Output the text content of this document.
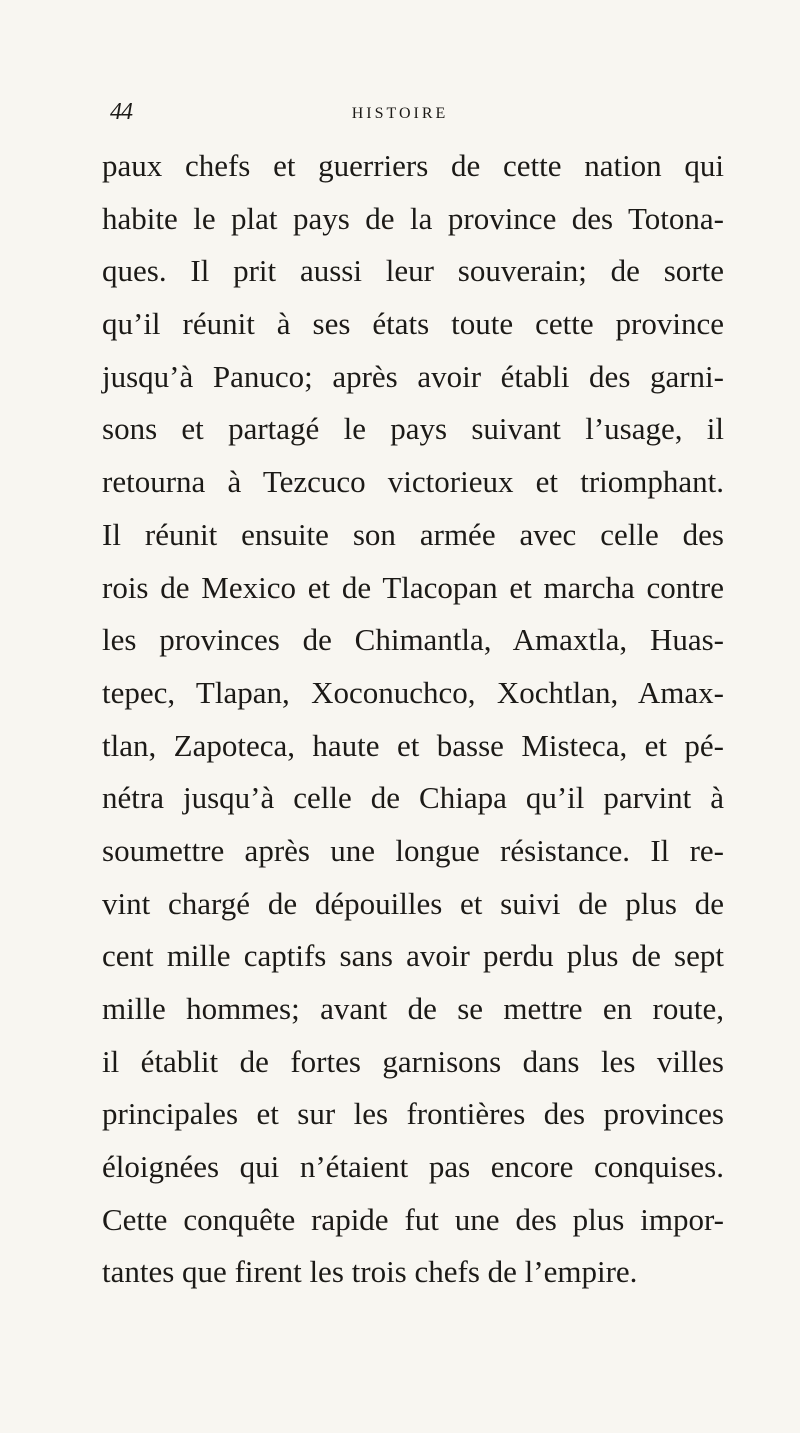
44	HISTOIRE
paux chefs et guerriers de cette nation qui
habite le plat pays de la province des Totona-
ques. Il prit aussi leur souverain; de sorte
qu’il réunit à ses états toute cette province
jusqu’à Panuco; après avoir établi des garni-
sons et partagé le pays suivant l’usage, il
retourna à Tezcuco victorieux et triomphant.
Il réunit ensuite son armée avec celle des
rois de Mexico et de Tlacopan et marcha contre
les provinces de Chimantla, Amaxtla, Huas-
tepec, Tlapan, Xoconuchco, Xochtlan, Amax-
tlan, Zapoteca, haute et basse Misteca, et pé-
nétra jusqu’à celle de Chiapa qu’il parvint à
soumettre après une longue résistance. Il re-
vint chargé de dépouilles et suivi de plus de
cent mille captifs sans avoir perdu plus de sept
mille hommes; avant de se mettre en route,
il établit de fortes garnisons dans les villes
principales et sur les frontières des provinces
éloignées qui n’étaient pas encore conquises.
Cette conquête rapide fut une des plus impor-
tantes que firent les trois chefs de l’empire.
